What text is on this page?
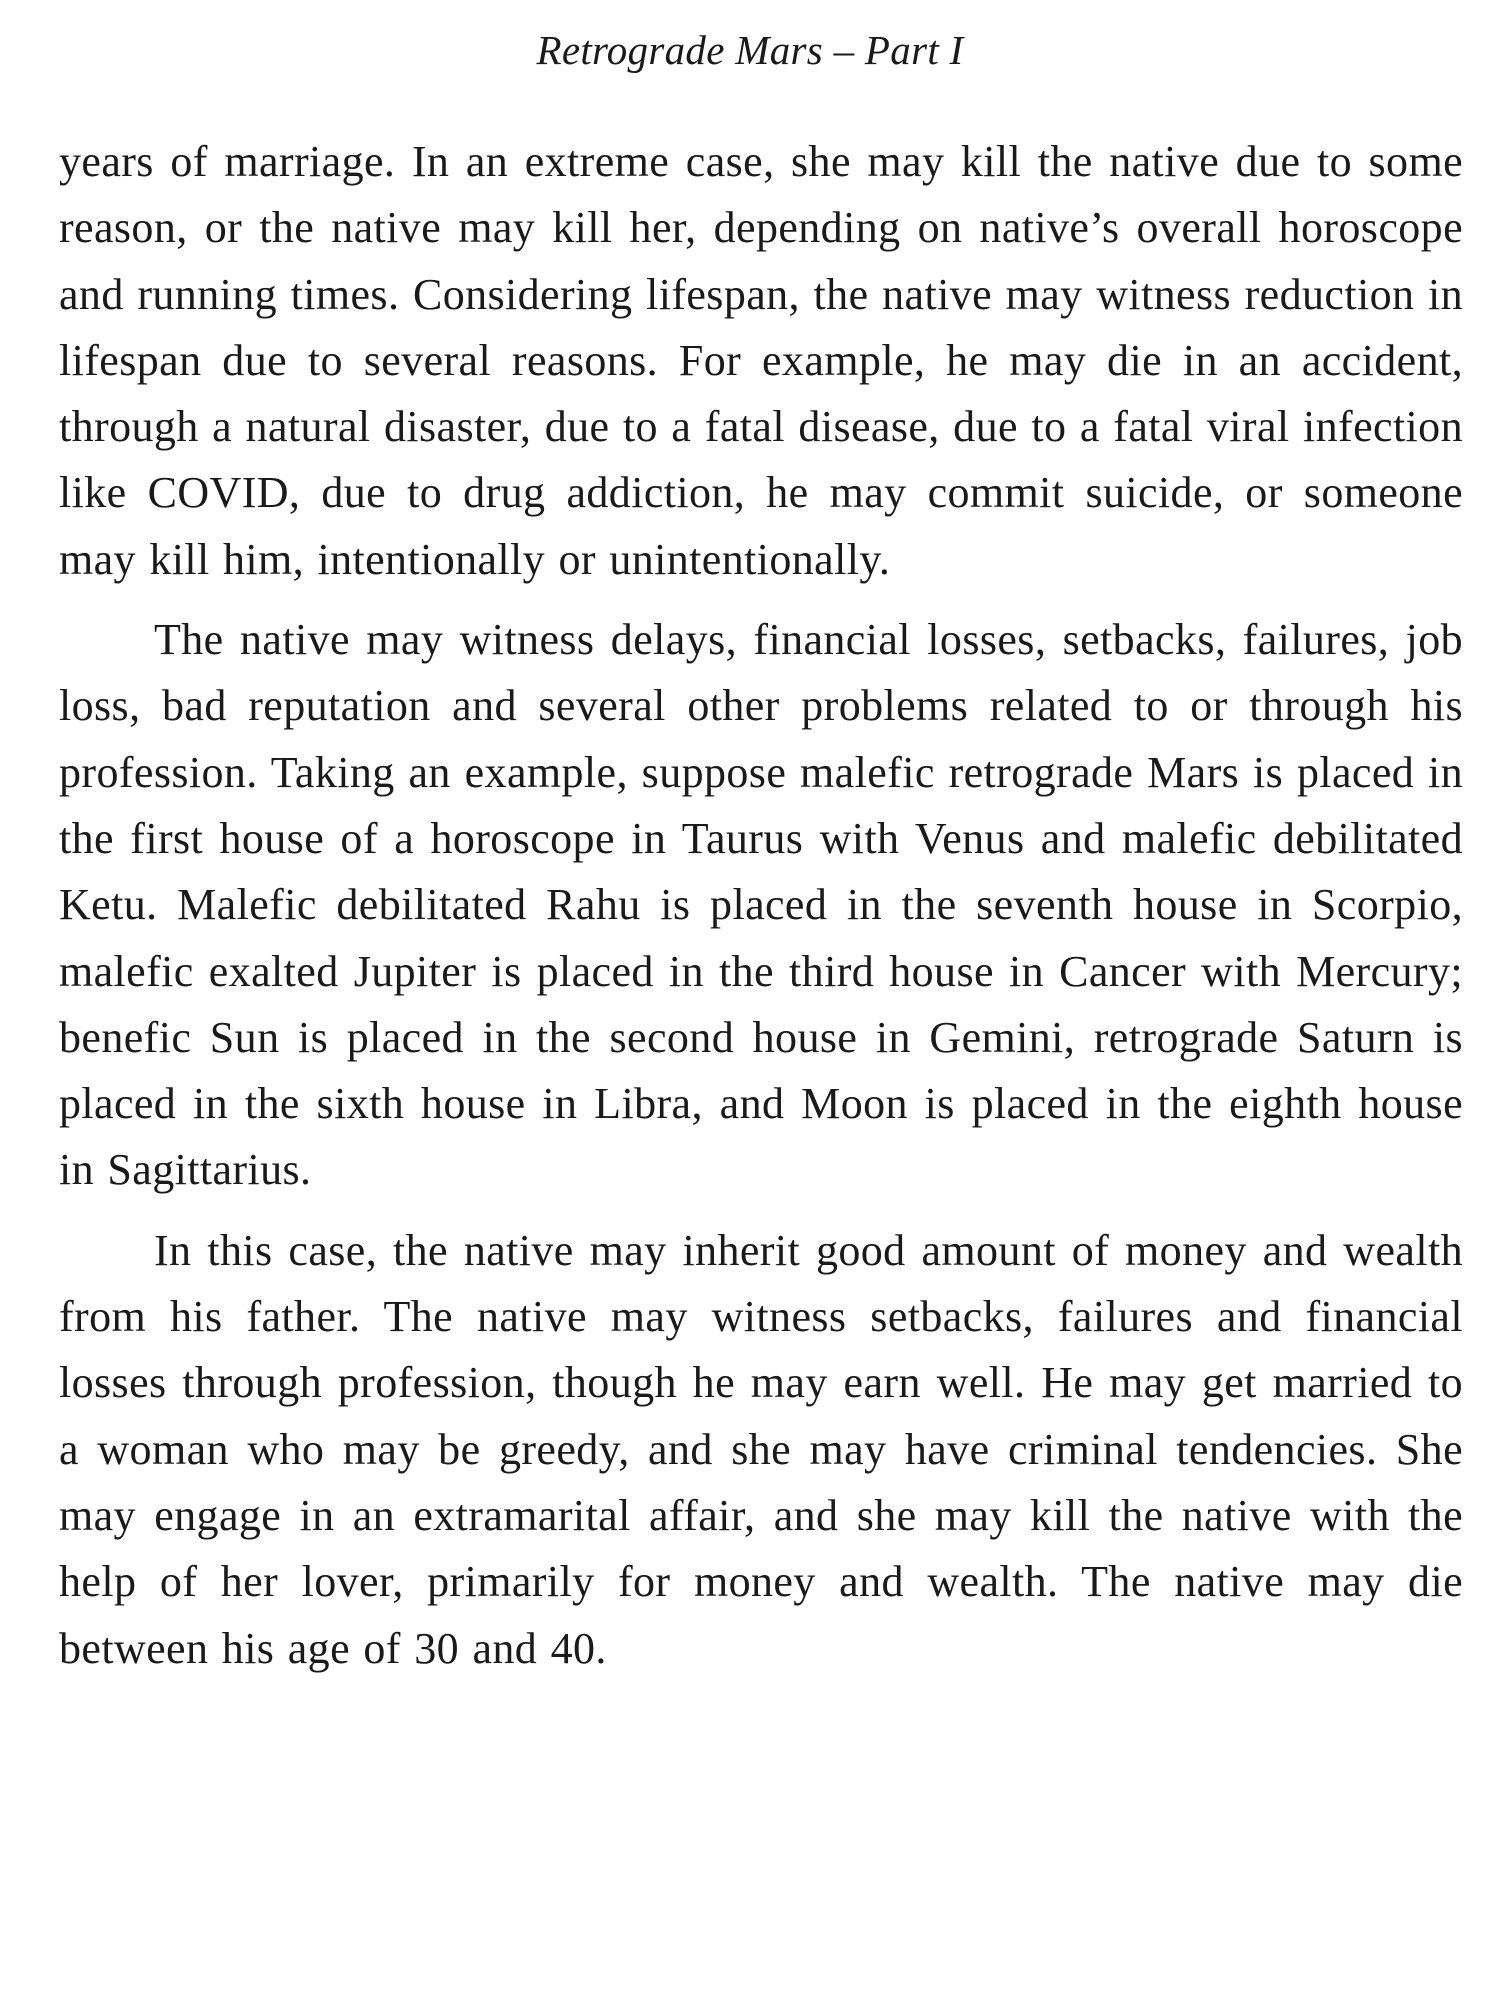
Retrograde Mars – Part I

years of marriage. In an extreme case, she may kill the native due to some reason, or the native may kill her, depending on native’s overall horoscope and running times. Considering lifespan, the native may witness reduction in lifespan due to several reasons. For example, he may die in an accident, through a natural disaster, due to a fatal disease, due to a fatal viral infection like COVID, due to drug addiction, he may commit suicide, or someone may kill him, intentionally or unintentionally.

The native may witness delays, financial losses, setbacks, failures, job loss, bad reputation and several other problems related to or through his profession. Taking an example, suppose malefic retrograde Mars is placed in the first house of a horoscope in Taurus with Venus and malefic debilitated Ketu. Malefic debilitated Rahu is placed in the seventh house in Scorpio, malefic exalted Jupiter is placed in the third house in Cancer with Mercury; benefic Sun is placed in the second house in Gemini, retrograde Saturn is placed in the sixth house in Libra, and Moon is placed in the eighth house in Sagittarius.

In this case, the native may inherit good amount of money and wealth from his father. The native may witness setbacks, failures and financial losses through profession, though he may earn well. He may get married to a woman who may be greedy, and she may have criminal tendencies. She may engage in an extramarital affair, and she may kill the native with the help of her lover, primarily for money and wealth. The native may die between his age of 30 and 40.
